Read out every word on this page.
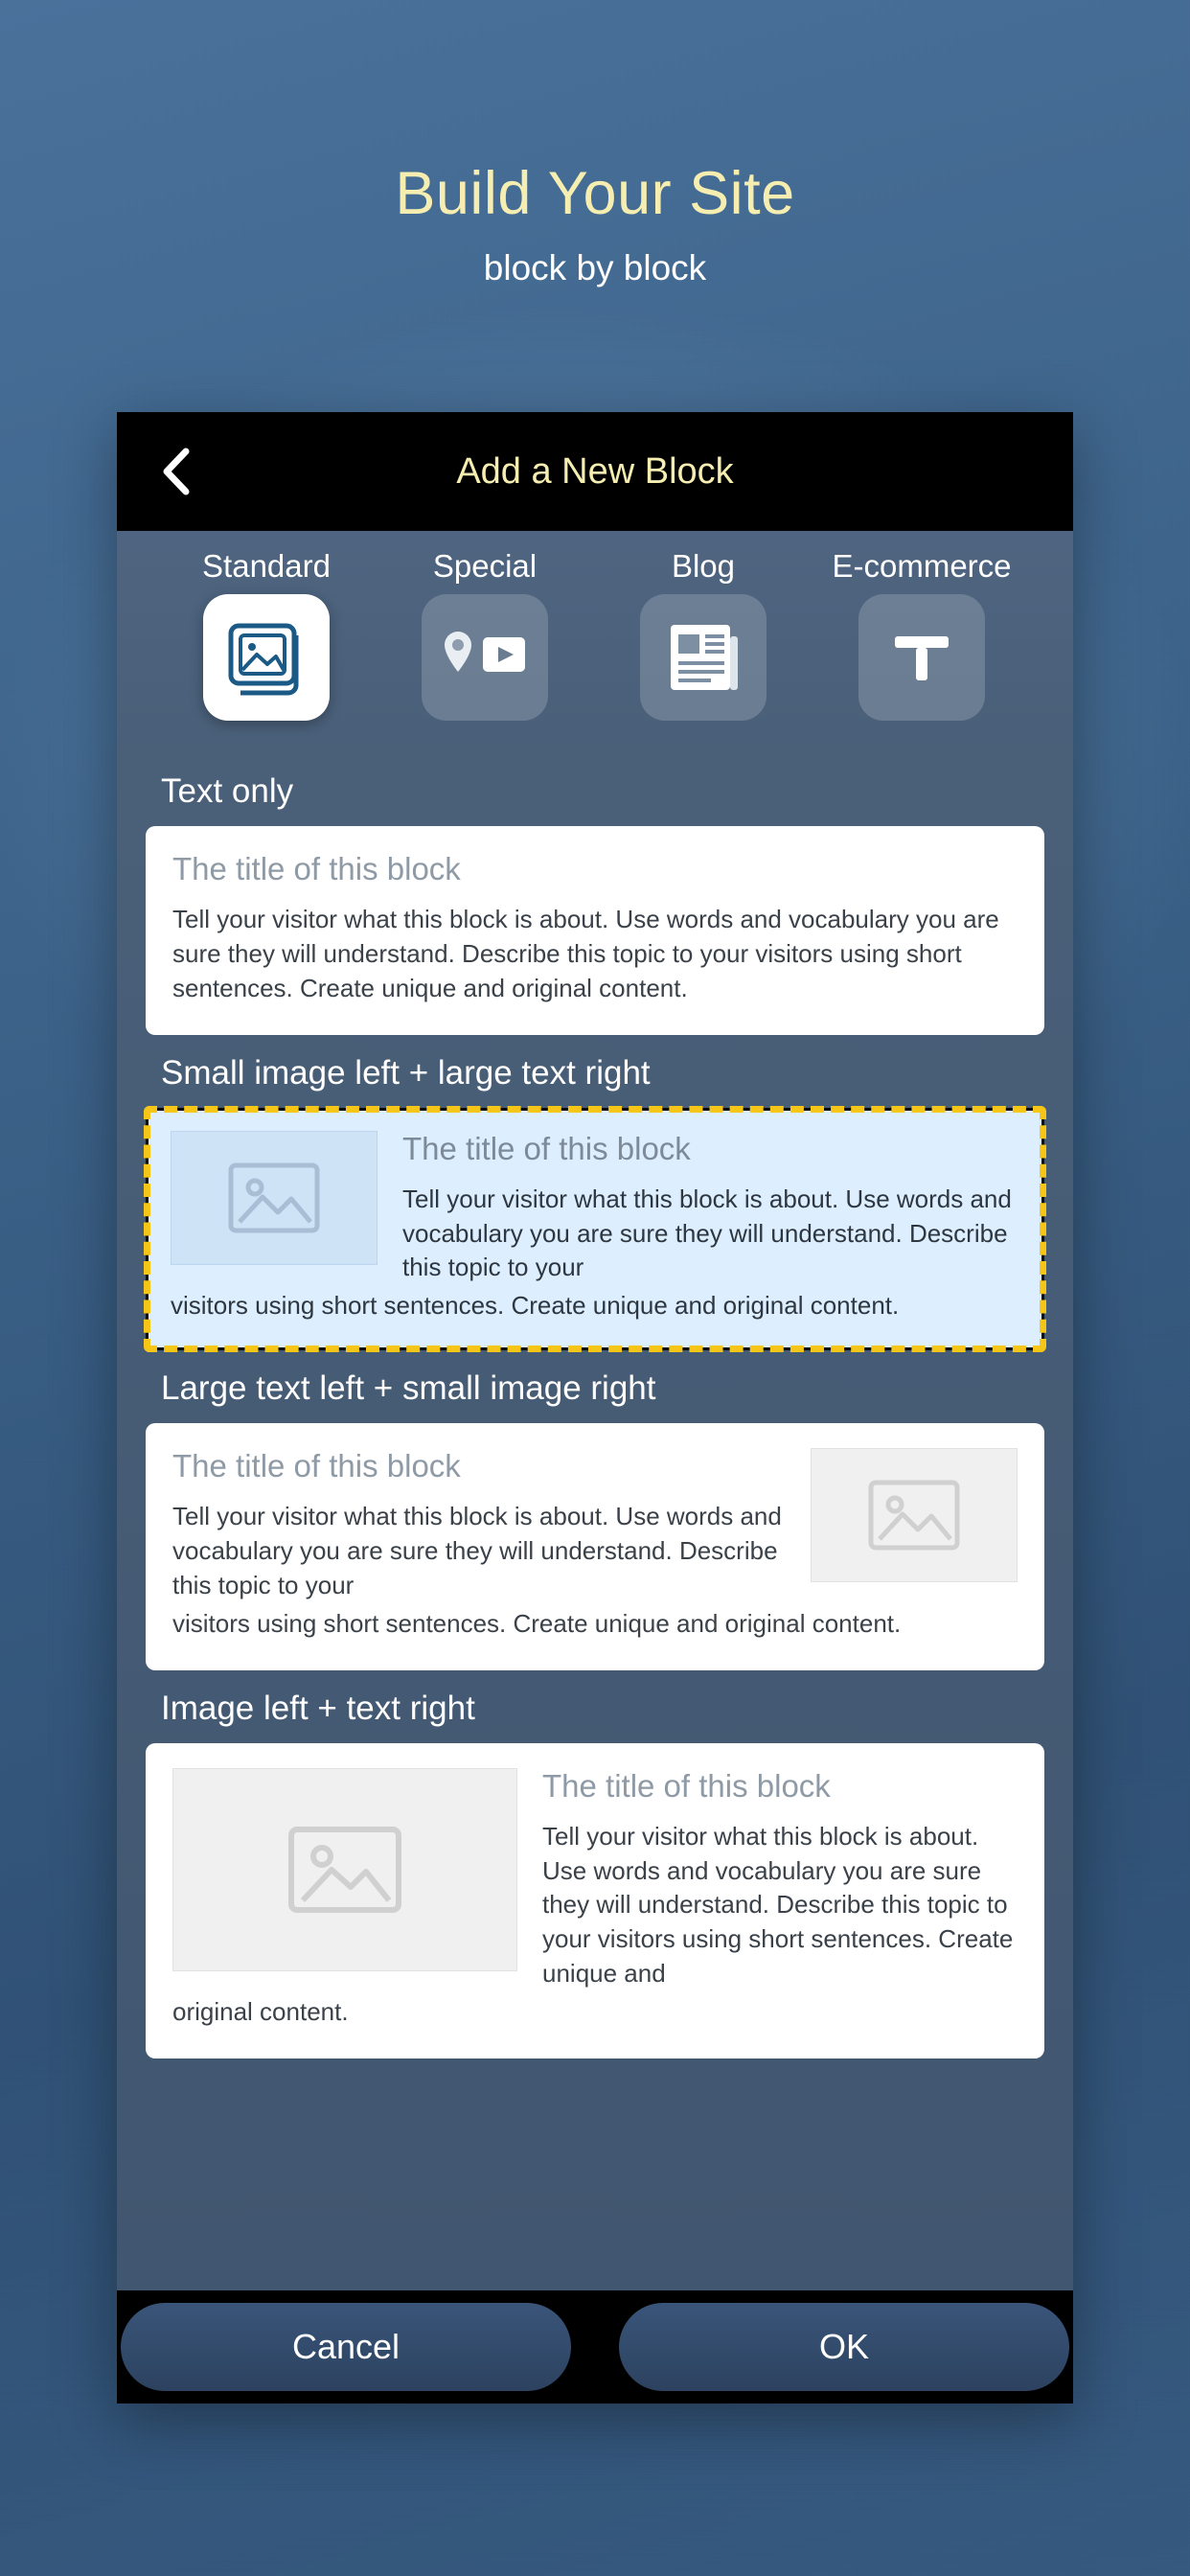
Build Your Site
block by block
Add a New Block
Standard	Special	Blog	E-commerce
Text only
The title of this block
Tell your visitor what this block is about. Use words and vocabulary you are sure they will understand. Describe this topic to your visitors using short sentences. Create unique and original content.
Small image left + large text right
The title of this block
Tell your visitor what this block is about. Use words and vocabulary you are sure they will understand. Describe this topic to your
visitors using short sentences. Create unique and original content.
Large text left + small image right
The title of this block
Tell your visitor what this block is about. Use words and vocabulary you are sure they will understand. Describe this topic to your
visitors using short sentences. Create unique and original content.
Image left + text right
The title of this block
Tell your visitor what this block is about. Use words and vocabulary you are sure they will understand. Describe this topic to your visitors using short sentences. Create unique and
original content.
Cancel	OK
